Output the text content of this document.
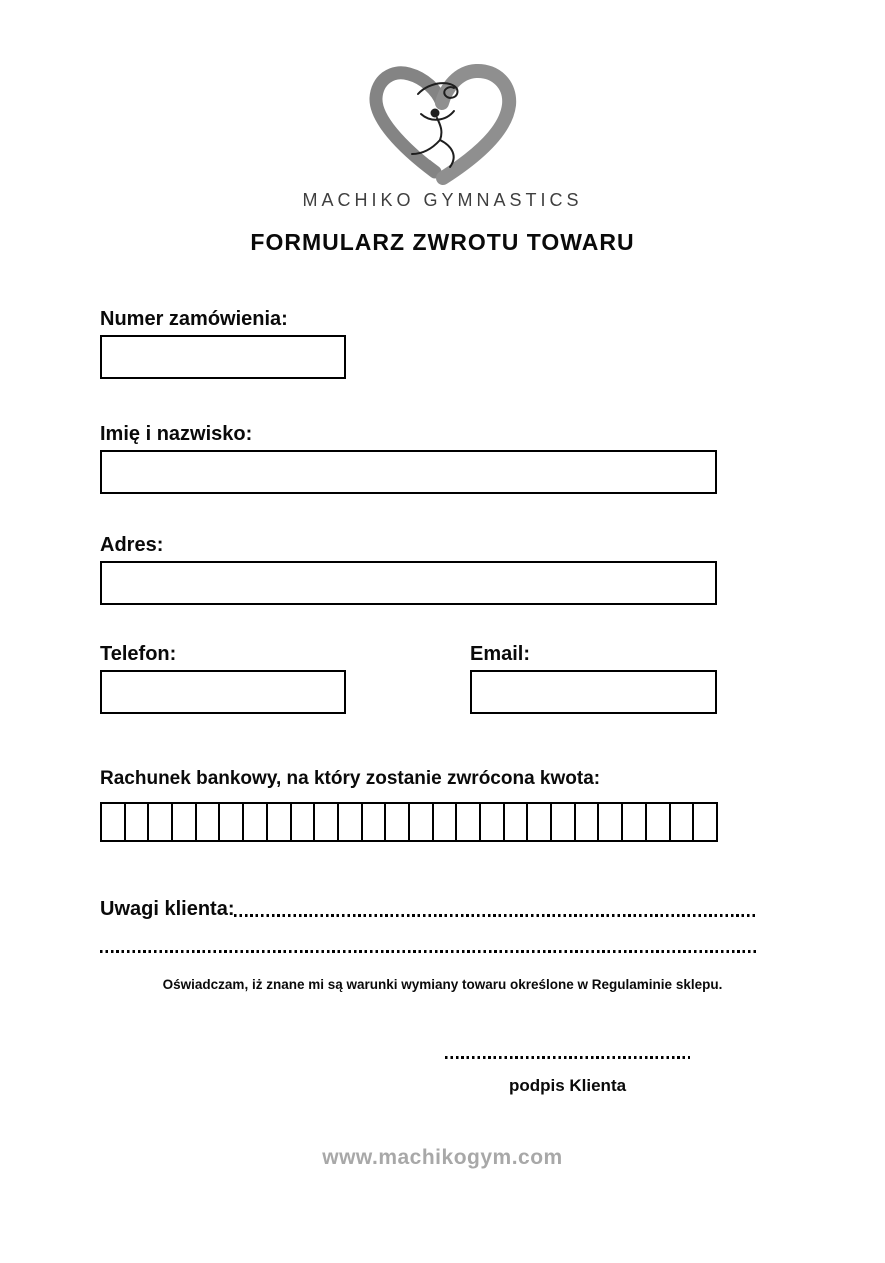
MACHIKO GYMNASTICS
FORMULARZ ZWROTU TOWARU
Numer zamówienia:
Imię i nazwisko:
Adres:
Telefon:	Email:
Rachunek bankowy, na który zostanie zwrócona kwota:
Uwagi klienta:

Oświadczam, iż znane mi są warunki wymiany towaru określone w Regulaminie sklepu.

podpis Klienta
www.machikogym.com
